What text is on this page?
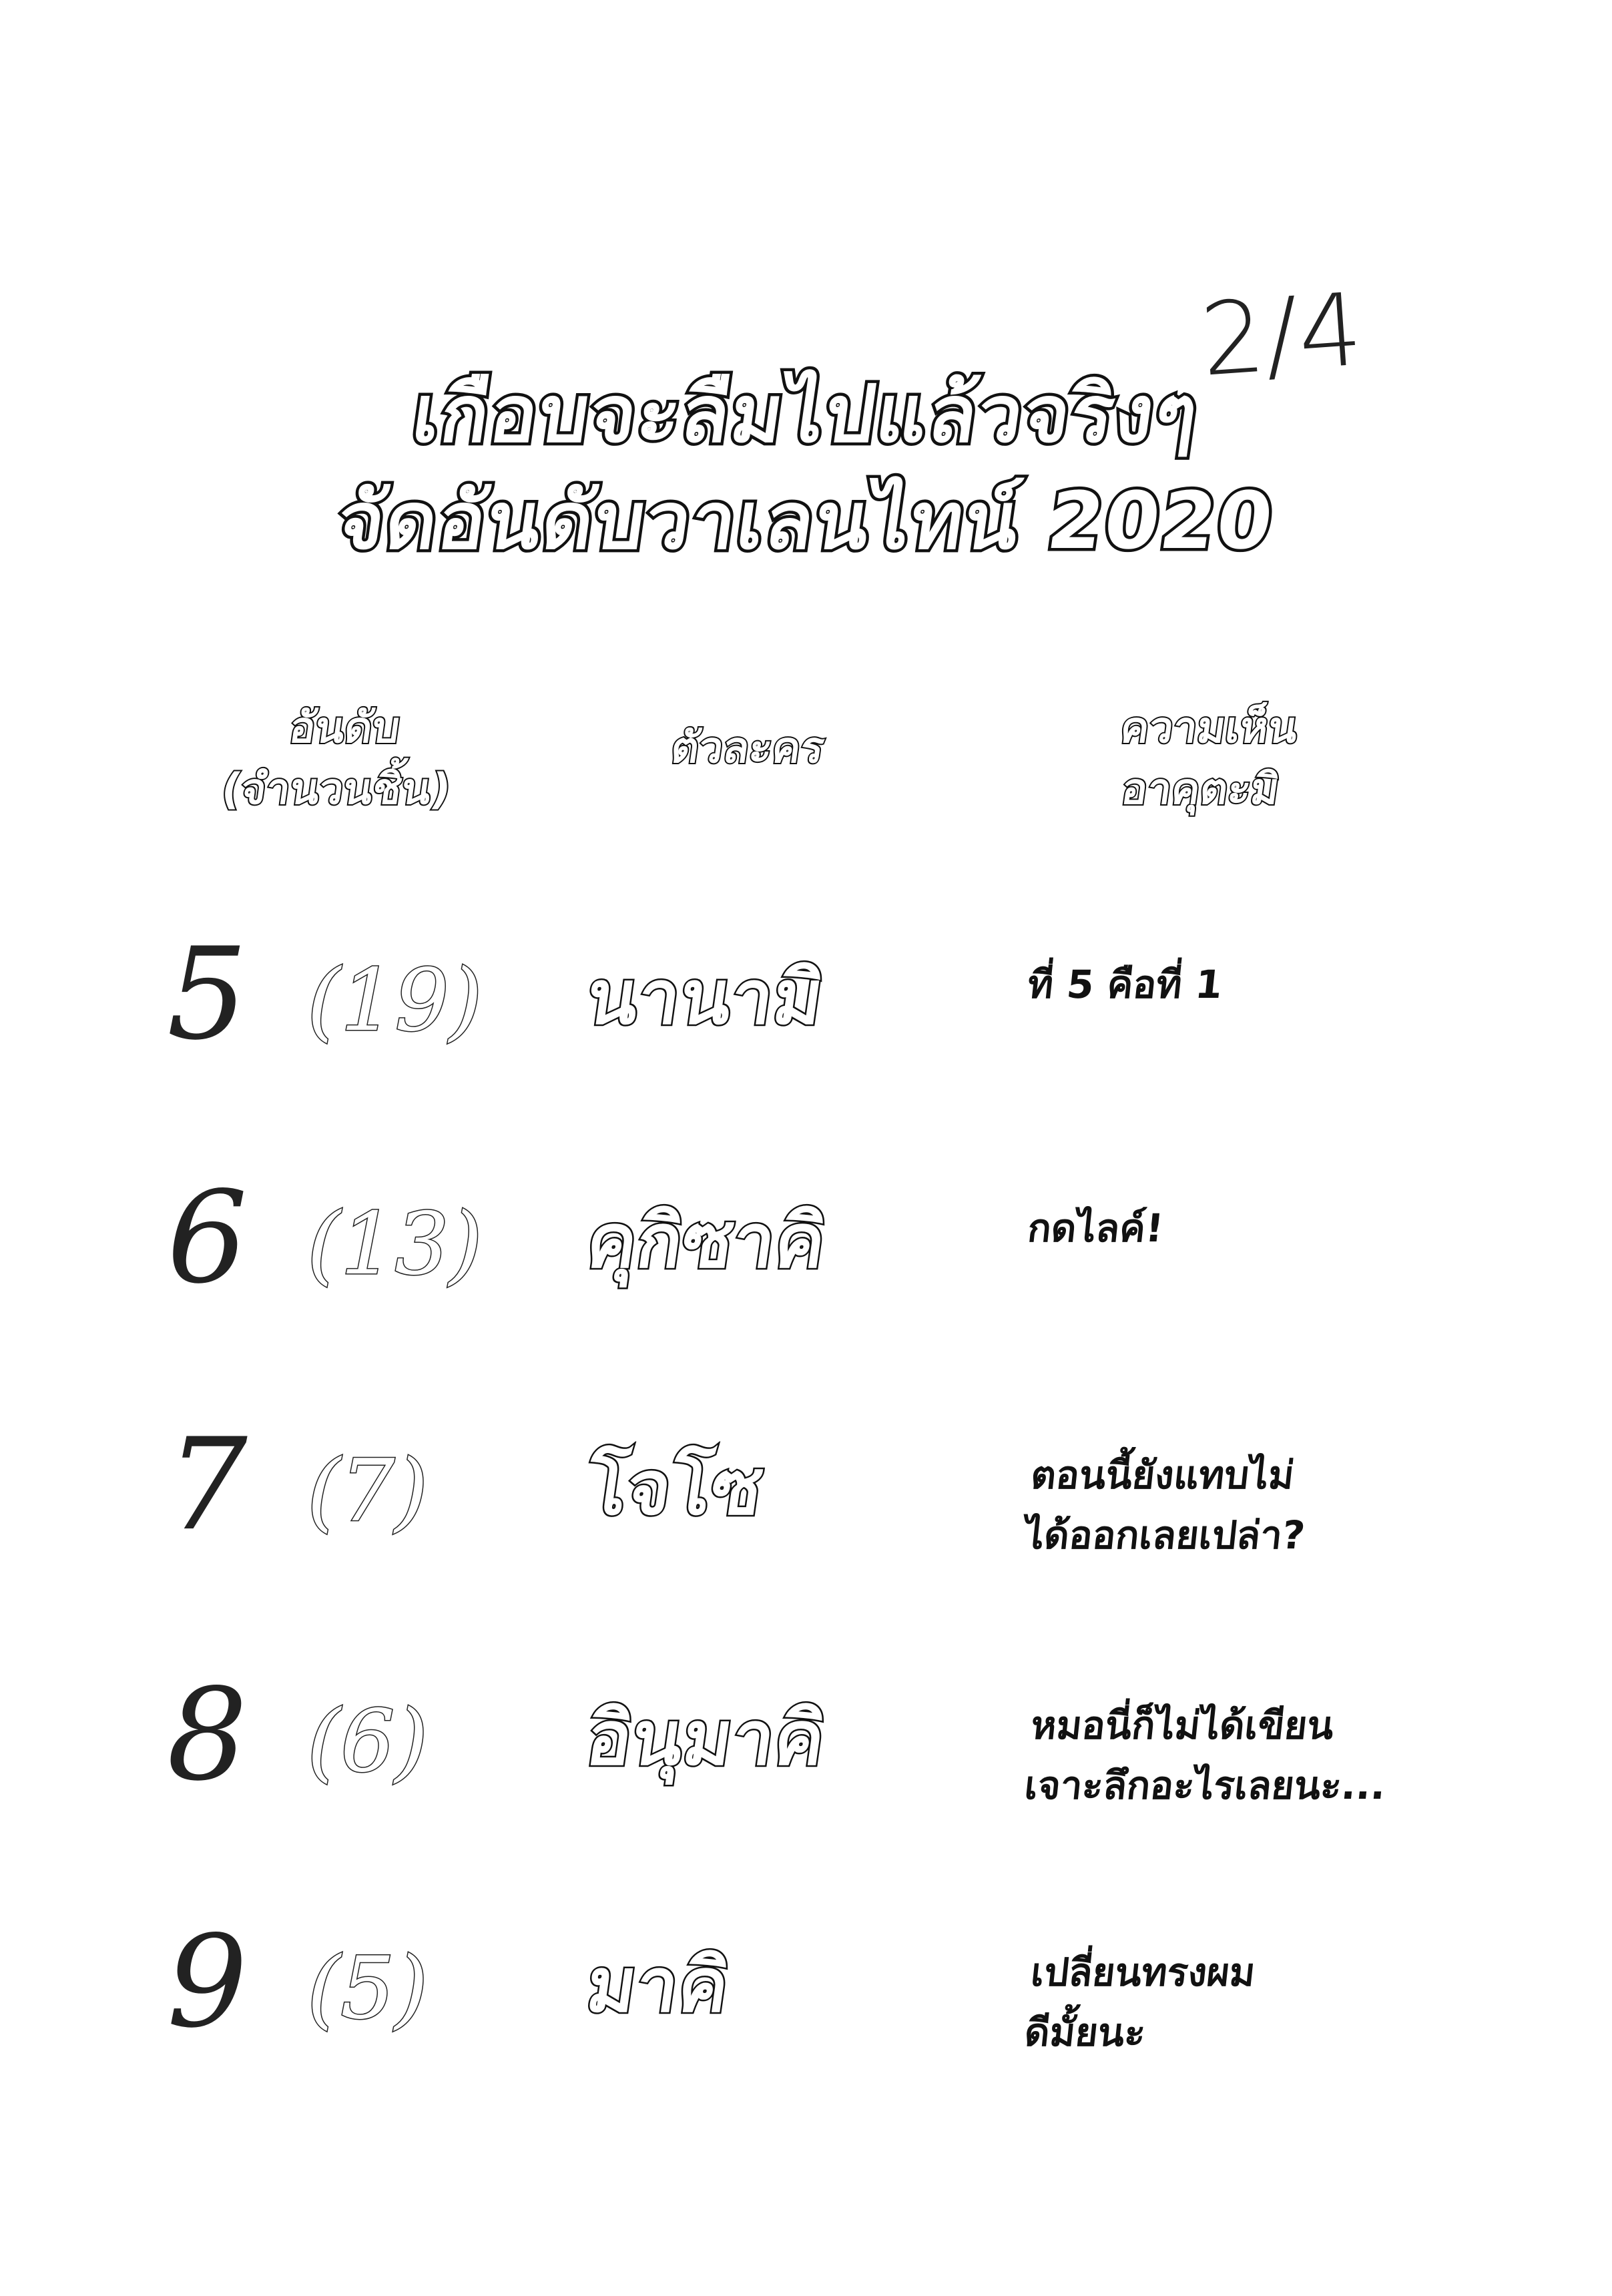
2/4
เกือบจะลืมไปแล้วจริงๆ
จัดอันดับวาเลนไทน์ 2020
อันดับ
(จำนวนชิ้น)
ตัวละคร	ความเห็น
อาคุตะมิ
5 (19)	นานามิ	ที่ 5 คือที่ 1
6 (13)	คุกิซาคิ	กดไลค์!
7 (7)	โจโซ	ตอนนี้ยังแทบไม่
ได้ออกเลยเปล่า?
8 (6)	อินุมาคิ	หมอนี่ก็ไม่ได้เขียน
เจาะลึกอะไรเลยนะ...
9 (5)	มาคิ	เปลี่ยนทรงผม
ดีมั้ยนะ
